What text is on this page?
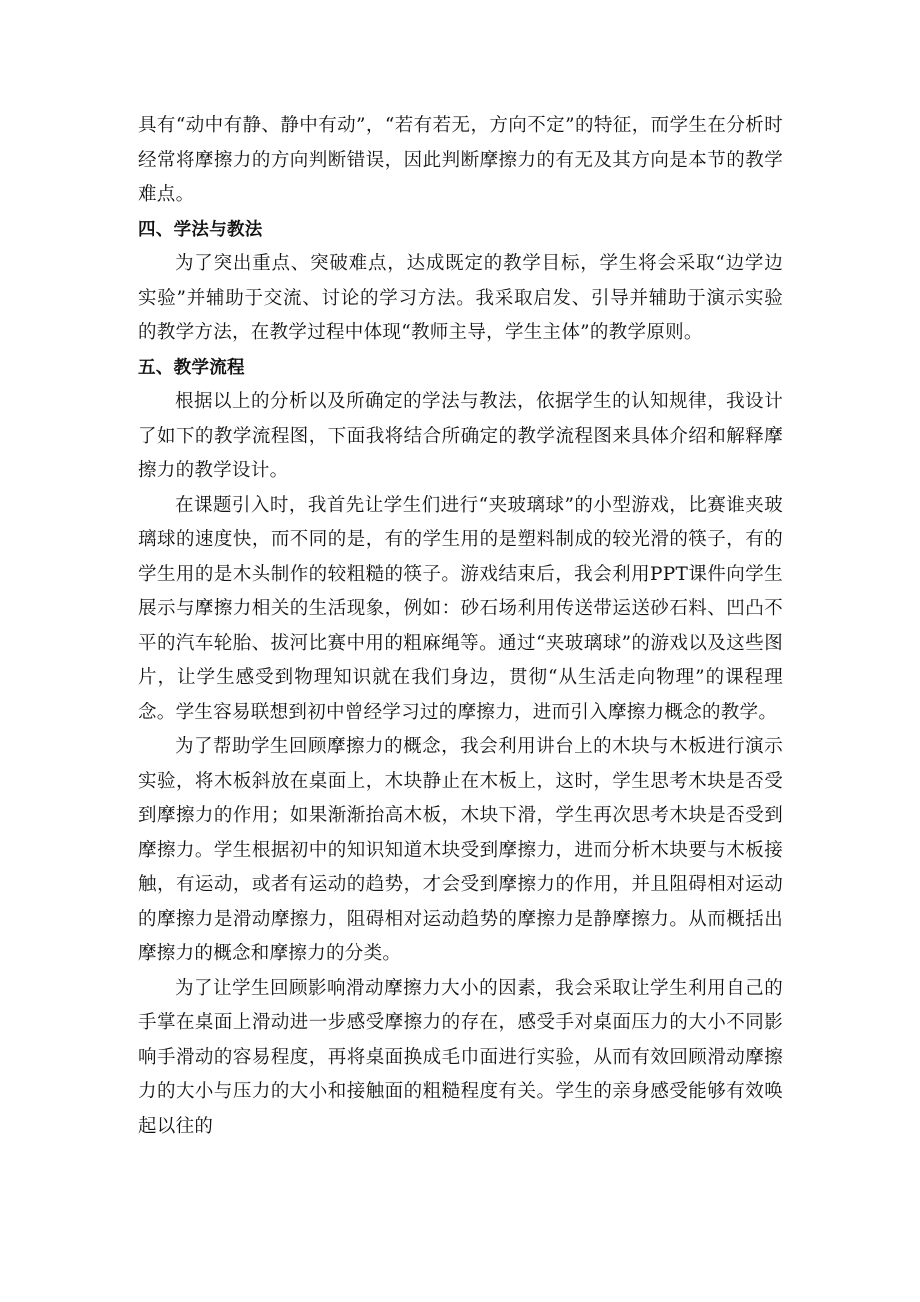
具有“动中有静、静中有动”，“若有若无，方向不定”的特征，而学生在分析时经常将摩擦力的方向判断错误，因此判断摩擦力的有无及其方向是本节的教学难点。

四、学法与教法

为了突出重点、突破难点，达成既定的教学目标，学生将会采取“边学边实验”并辅助于交流、讨论的学习方法。我采取启发、引导并辅助于演示实验的教学方法，在教学过程中体现“教师主导，学生主体”的教学原则。

五、教学流程

根据以上的分析以及所确定的学法与教法，依据学生的认知规律，我设计了如下的教学流程图，下面我将结合所确定的教学流程图来具体介绍和解释摩擦力的教学设计。

在课题引入时，我首先让学生们进行“夹玻璃球”的小型游戏，比赛谁夹玻璃球的速度快，而不同的是，有的学生用的是塑料制成的较光滑的筷子，有的学生用的是木头制作的较粗糙的筷子。游戏结束后，我会利用PPT课件向学生展示与摩擦力相关的生活现象，例如：砂石场利用传送带运送砂石料、凹凸不平的汽车轮胎、拔河比赛中用的粗麻绳等。通过“夹玻璃球”的游戏以及这些图片，让学生感受到物理知识就在我们身边，贯彻“从生活走向物理”的课程理念。学生容易联想到初中曾经学习过的摩擦力，进而引入摩擦力概念的教学。

为了帮助学生回顾摩擦力的概念，我会利用讲台上的木块与木板进行演示实验，将木板斜放在桌面上，木块静止在木板上，这时，学生思考木块是否受到摩擦力的作用；如果渐渐抬高木板，木块下滑，学生再次思考木块是否受到摩擦力。学生根据初中的知识知道木块受到摩擦力，进而分析木块要与木板接触，有运动，或者有运动的趋势，才会受到摩擦力的作用，并且阻碍相对运动的摩擦力是滑动摩擦力，阻碍相对运动趋势的摩擦力是静摩擦力。从而概括出摩擦力的概念和摩擦力的分类。

为了让学生回顾影响滑动摩擦力大小的因素，我会采取让学生利用自己的手掌在桌面上滑动进一步感受摩擦力的存在，感受手对桌面压力的大小不同影响手滑动的容易程度，再将桌面换成毛巾面进行实验，从而有效回顾滑动摩擦力的大小与压力的大小和接触面的粗糙程度有关。学生的亲身感受能够有效唤起以往的
